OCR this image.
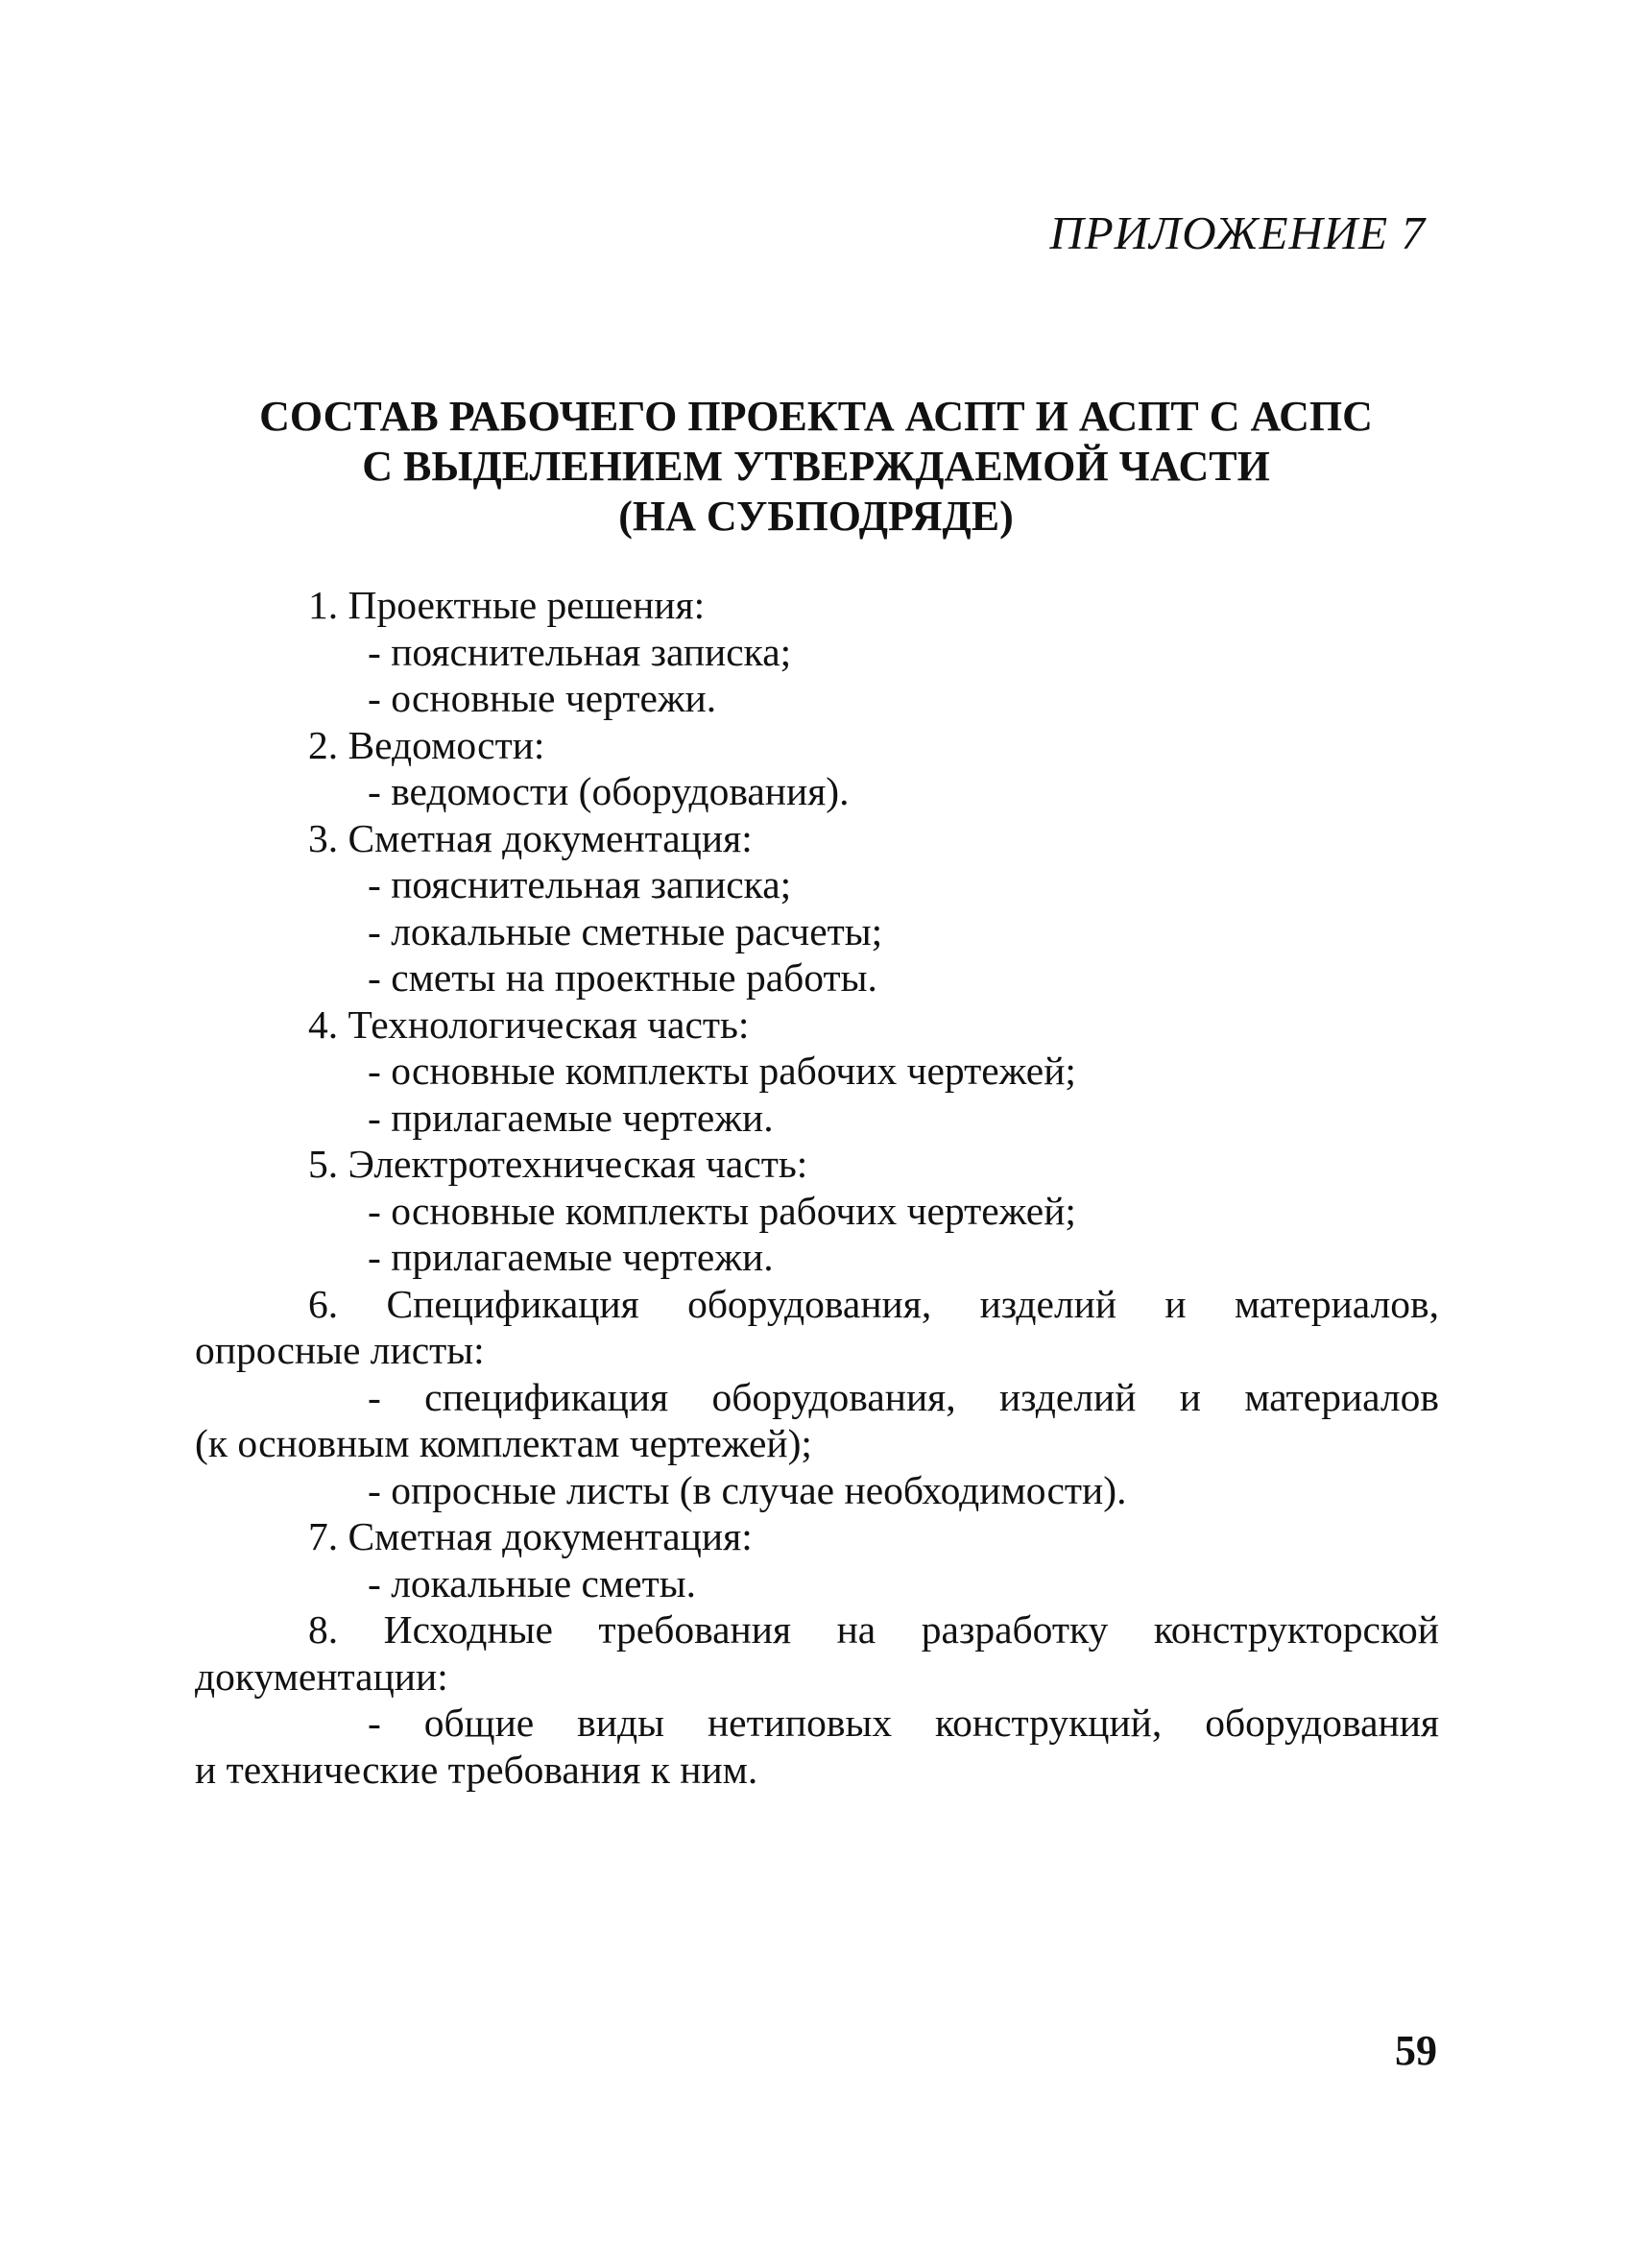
ПРИЛОЖЕНИЕ 7
СОСТАВ РАБОЧЕГО ПРОЕКТА АСПТ И АСПТ С АСПС
С ВЫДЕЛЕНИЕМ УТВЕРЖДАЕМОЙ ЧАСТИ
(НА СУБПОДРЯДЕ)
1. Проектные решения:
- пояснительная записка;
- основные чертежи.
2. Ведомости:
- ведомости (оборудования).
3. Сметная документация:
- пояснительная записка;
- локальные сметные расчеты;
- сметы на проектные работы.
4. Технологическая часть:
- основные комплекты рабочих чертежей;
- прилагаемые чертежи.
5. Электротехническая часть:
- основные комплекты рабочих чертежей;
- прилагаемые чертежи.
6. Спецификация оборудования, изделий и материалов,
опросные листы:
- спецификация оборудования, изделий и материалов
(к основным комплектам чертежей);
- опросные листы (в случае необходимости).
7. Сметная документация:
- локальные сметы.
8. Исходные требования на разработку конструкторской
документации:
- общие виды нетиповых конструкций, оборудования
и технические требования к ним.
59
